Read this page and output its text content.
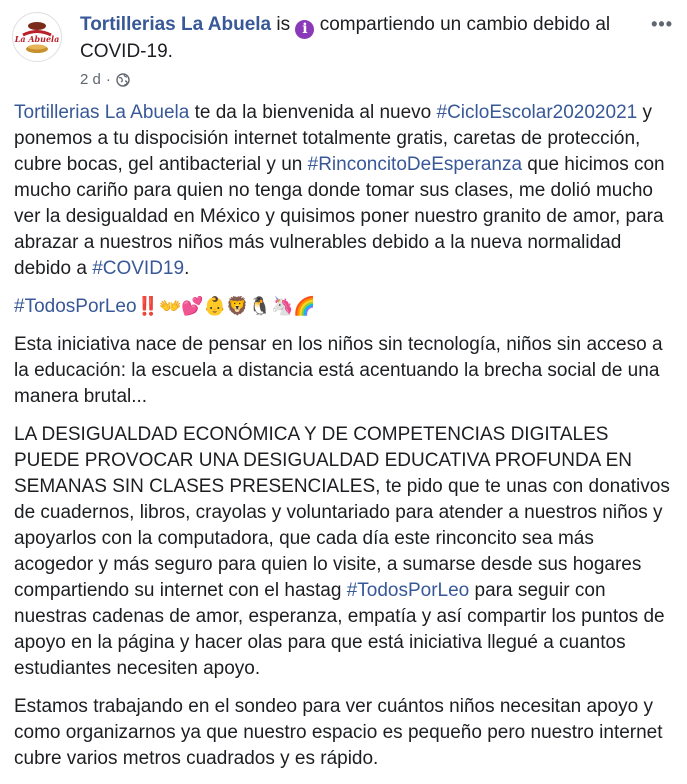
La Abuela
Tortillerias La Abuela is i compartiendo un cambio debido al COVID-19.
•••
2 d ·

Tortillerias La Abuela te da la bienvenida al nuevo #CicloEscolar20202021 y ponemos a tu dispocisión internet totalmente gratis, caretas de protección, cubre bocas, gel antibacterial y un #RinconcitoDeEsperanza que hicimos con mucho cariño para quien no tenga donde tomar sus clases, me dolió mucho ver la desigualdad en México y quisimos poner nuestro granito de amor, para abrazar a nuestros niños más vulnerables debido a la nueva normalidad debido a #COVID19.

#TodosPorLeo‼️👐💕👶🦁🐧🦄🌈

Esta iniciativa nace de pensar en los niños sin tecnología, niños sin acceso a la educación: la escuela a distancia está acentuando la brecha social de una manera brutal...

LA DESIGUALDAD ECONÓMICA Y DE COMPETENCIAS DIGITALES PUEDE PROVOCAR UNA DESIGUALDAD EDUCATIVA PROFUNDA EN SEMANAS SIN CLASES PRESENCIALES, te pido que te unas con donativos de cuadernos, libros, crayolas y voluntariado para atender a nuestros niños y apoyarlos con la computadora, que cada día este rinconcito sea más acogedor y más seguro para quien lo visite, a sumarse desde sus hogares compartiendo su internet con el hastag #TodosPorLeo para seguir con nuestras cadenas de amor, esperanza, empatía y así compartir los puntos de apoyo en la página y hacer olas para que está iniciativa llegué a cuantos estudiantes necesiten apoyo.

Estamos trabajando en el sondeo para ver cuántos niños necesitan apoyo y como organizarnos ya que nuestro espacio es pequeño pero nuestro internet cubre varios metros cuadrados y es rápido.
